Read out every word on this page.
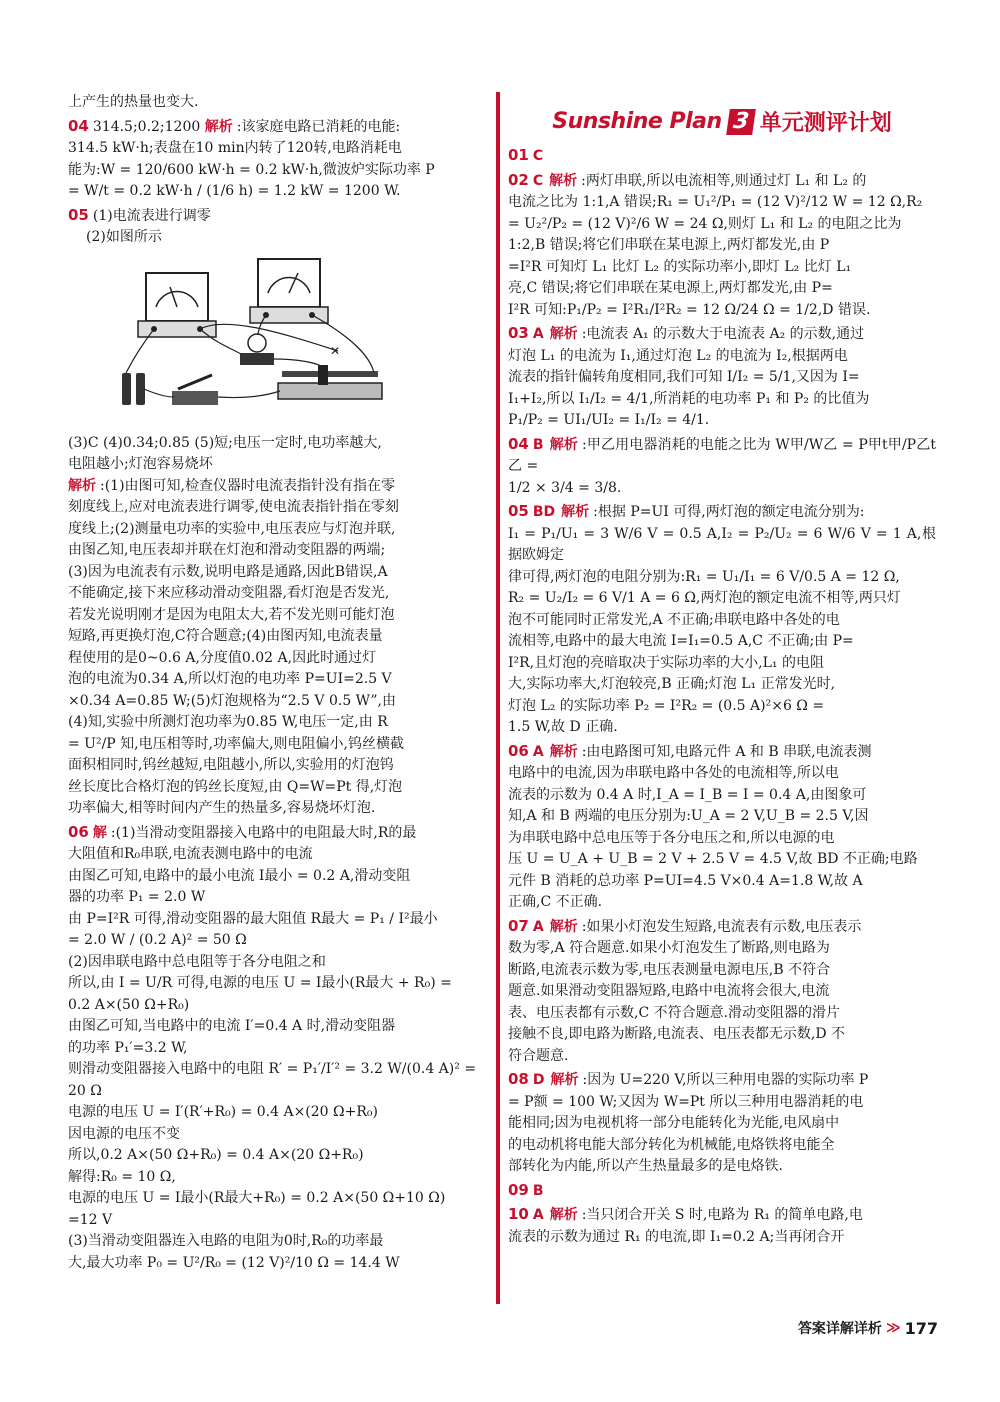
上产生的热量也变大.

04 314.5;0.2;1200 解析 :该家庭电路已消耗的电能:

314.5 kW·h;表盘在10 min内转了120转,电路消耗电

能为:W = 120/600 kW·h = 0.2 kW·h,微波炉实际功率 P

= W/t = 0.2 kW·h / (1/6 h) = 1.2 kW = 1200 W.

05 (1)电流表进行调零

(2)如图所示

✕

(3)C (4)0.34;0.85 (5)短;电压一定时,电功率越大,

电阻越小;灯泡容易烧坏

解析 :(1)由图可知,检查仪器时电流表指针没有指在零

刻度线上,应对电流表进行调零,使电流表指针指在零刻

度线上;(2)测量电功率的实验中,电压表应与灯泡并联,

由图乙知,电压表却并联在灯泡和滑动变阻器的两端;

(3)因为电流表有示数,说明电路是通路,因此B错误,A

不能确定,接下来应移动滑动变阻器,看灯泡是否发光,

若发光说明刚才是因为电阻太大,若不发光则可能灯泡

短路,再更换灯泡,C符合题意;(4)由图丙知,电流表量

程使用的是0~0.6 A,分度值0.02 A,因此时通过灯

泡的电流为0.34 A,所以灯泡的电功率 P=UI=2.5 V

×0.34 A=0.85 W;(5)灯泡规格为“2.5 V 0.5 W”,由

(4)知,实验中所测灯泡功率为0.85 W,电压一定,由 R

= U²/P 知,电压相等时,功率偏大,则电阻偏小,钨丝横截

面积相同时,钨丝越短,电阻越小,所以,实验用的灯泡钨

丝长度比合格灯泡的钨丝长度短,由 Q=W=Pt 得,灯泡

功率偏大,相等时间内产生的热量多,容易烧坏灯泡.

06 解 :(1)当滑动变阻器接入电路中的电阻最大时,R的最

大阻值和R₀串联,电流表测电路中的电流

由图乙可知,电路中的最小电流 I最小 = 0.2 A,滑动变阻

器的功率 P₁ = 2.0 W

由 P=I²R 可得,滑动变阻器的最大阻值 R最大 = P₁ / I²最小

= 2.0 W / (0.2 A)² = 50 Ω

(2)因串联电路中总电阻等于各分电阻之和

所以,由 I = U/R 可得,电源的电压 U = I最小(R最大 + R₀) =

0.2 A×(50 Ω+R₀)

由图乙可知,当电路中的电流 I′=0.4 A 时,滑动变阻器

的功率 P₁′=3.2 W,

则滑动变阻器接入电路中的电阻 R′ = P₁′/I′² = 3.2 W/(0.4 A)² =

20 Ω

电源的电压 U = I′(R′+R₀) = 0.4 A×(20 Ω+R₀)

因电源的电压不变

所以,0.2 A×(50 Ω+R₀) = 0.4 A×(20 Ω+R₀)

解得:R₀ = 10 Ω,

电源的电压 U = I最小(R最大+R₀) = 0.2 A×(50 Ω+10 Ω)

=12 V

(3)当滑动变阻器连入电路的电阻为0时,R₀的功率最

大,最大功率 P₀ = U²/R₀ = (12 V)²/10 Ω = 14.4 W

Sunshine Plan 3 单元测评计划

01 C

02 C 解析 :两灯串联,所以电流相等,则通过灯 L₁ 和 L₂ 的

电流之比为 1:1,A 错误;R₁ = U₁²/P₁ = (12 V)²/12 W = 12 Ω,R₂

= U₂²/P₂ = (12 V)²/6 W = 24 Ω,则灯 L₁ 和 L₂ 的电阻之比为

1:2,B 错误;将它们串联在某电源上,两灯都发光,由 P

=I²R 可知灯 L₁ 比灯 L₂ 的实际功率小,即灯 L₂ 比灯 L₁

亮,C 错误;将它们串联在某电源上,两灯都发光,由 P=

I²R 可知:P₁/P₂ = I²R₁/I²R₂ = 12 Ω/24 Ω = 1/2,D 错误.

03 A 解析 :电流表 A₁ 的示数大于电流表 A₂ 的示数,通过

灯泡 L₁ 的电流为 I₁,通过灯泡 L₂ 的电流为 I₂,根据两电

流表的指针偏转角度相同,我们可知 I/I₂ = 5/1,又因为 I=

I₁+I₂,所以 I₁/I₂ = 4/1,所消耗的电功率 P₁ 和 P₂ 的比值为

P₁/P₂ = UI₁/UI₂ = I₁/I₂ = 4/1.

04 B 解析 :甲乙用电器消耗的电能之比为 W甲/W乙 = P甲t甲/P乙t乙 =

1/2 × 3/4 = 3/8.

05 BD 解析 :根据 P=UI 可得,两灯泡的额定电流分别为:

I₁ = P₁/U₁ = 3 W/6 V = 0.5 A,I₂ = P₂/U₂ = 6 W/6 V = 1 A,根据欧姆定

律可得,两灯泡的电阻分别为:R₁ = U₁/I₁ = 6 V/0.5 A = 12 Ω,

R₂ = U₂/I₂ = 6 V/1 A = 6 Ω,两灯泡的额定电流不相等,两只灯

泡不可能同时正常发光,A 不正确;串联电路中各处的电

流相等,电路中的最大电流 I=I₁=0.5 A,C 不正确;由 P=

I²R,且灯泡的亮暗取决于实际功率的大小,L₁ 的电阻

大,实际功率大,灯泡较亮,B 正确;灯泡 L₁ 正常发光时,

灯泡 L₂ 的实际功率 P₂ = I²R₂ = (0.5 A)²×6 Ω =

1.5 W,故 D 正确.

06 A 解析 :由电路图可知,电路元件 A 和 B 串联,电流表测

电路中的电流,因为串联电路中各处的电流相等,所以电

流表的示数为 0.4 A 时,I_A = I_B = I = 0.4 A,由图象可

知,A 和 B 两端的电压分别为:U_A = 2 V,U_B = 2.5 V,因

为串联电路中总电压等于各分电压之和,所以电源的电

压 U = U_A + U_B = 2 V + 2.5 V = 4.5 V,故 BD 不正确;电路

元件 B 消耗的总功率 P=UI=4.5 V×0.4 A=1.8 W,故 A

正确,C 不正确.

07 A 解析 :如果小灯泡发生短路,电流表有示数,电压表示

数为零,A 符合题意.如果小灯泡发生了断路,则电路为

断路,电流表示数为零,电压表测量电源电压,B 不符合

题意.如果滑动变阻器短路,电路中电流将会很大,电流

表、电压表都有示数,C 不符合题意.滑动变阻器的滑片

接触不良,即电路为断路,电流表、电压表都无示数,D 不

符合题意.

08 D 解析 :因为 U=220 V,所以三种用电器的实际功率 P

= P额 = 100 W;又因为 W=Pt 所以三种用电器消耗的电

能相同;因为电视机将一部分电能转化为光能,电风扇中

的电动机将电能大部分转化为机械能,电烙铁将电能全

部转化为内能,所以产生热量最多的是电烙铁.

09 B

10 A 解析 :当只闭合开关 S 时,电路为 R₁ 的简单电路,电

流表的示数为通过 R₁ 的电流,即 I₁=0.2 A;当再闭合开

答案详解详析 ≫ 177
